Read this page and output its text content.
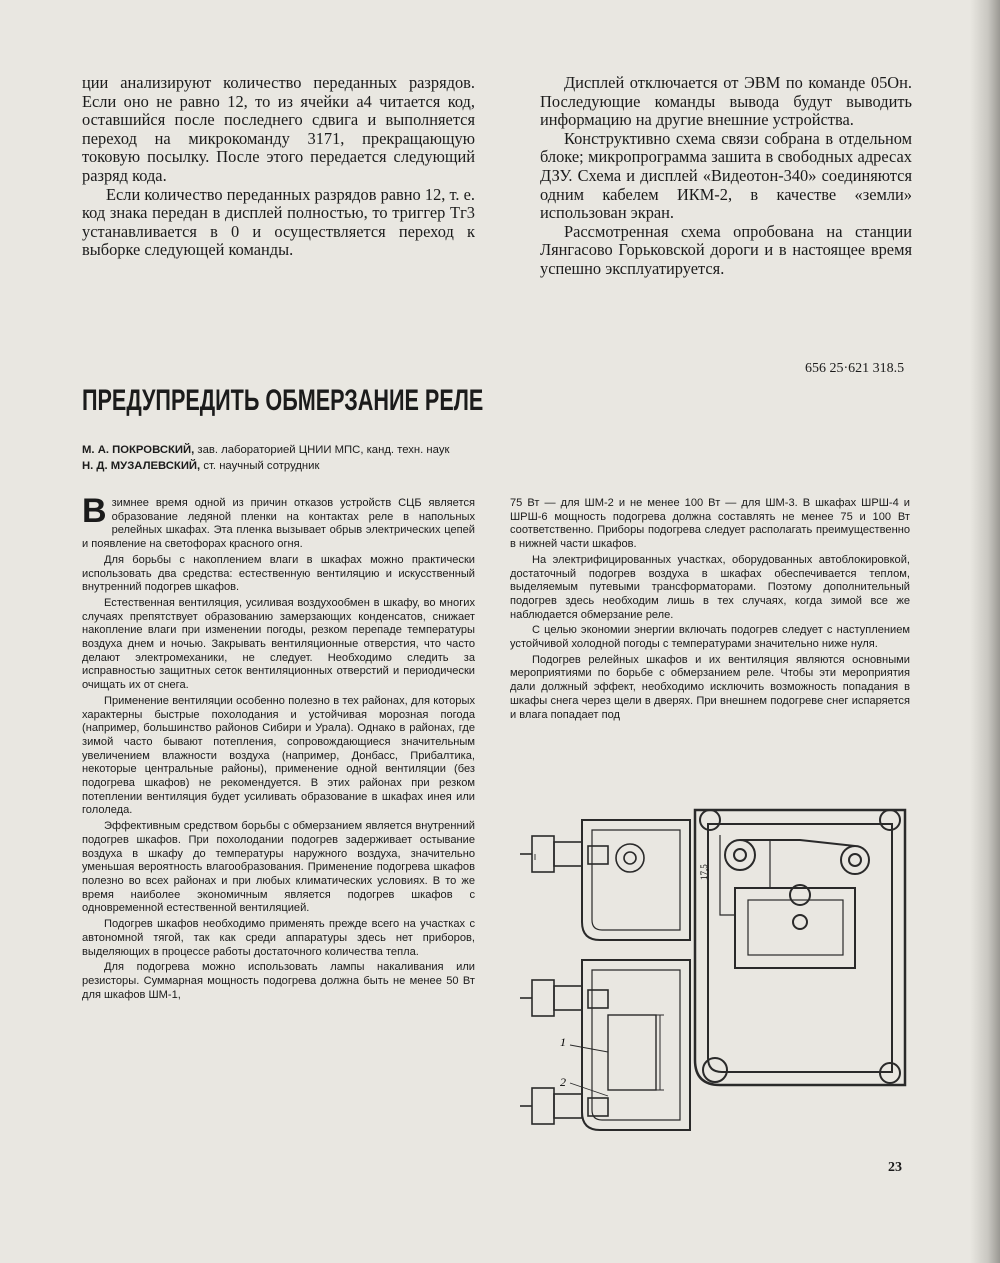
ции анализируют количество переданных разрядов. Если оно не равно 12, то из ячейки а4 читается код, оставшийся после последнего сдвига и выполняется переход на микрокоманду 3171, прекращающую токовую посылку. После этого передается следующий разряд кода.

Если количество переданных разрядов равно 12, т. е. код знака передан в дисплей полностью, то триггер Тг3 устанавливается в 0 и осуществляется переход к выборке следующей команды.

Дисплей отключается от ЭВМ по команде 05Он. Последующие команды вывода будут выводить информацию на другие внешние устройства.

Конструктивно схема связи собрана в отдельном блоке; микропрограмма зашита в свободных адресах ДЗУ. Схема и дисплей «Видеотон-340» соединяются одним кабелем ИКМ-2, в качестве «земли» использован экран.

Рассмотренная схема опробована на станции Лянгасово Горьковской дороги и в настоящее время успешно эксплуатируется.

656 25·621 318.5
ПРЕДУПРЕДИТЬ ОБМЕРЗАНИЕ РЕЛЕ
М. А. ПОКРОВСКИЙ, зав. лабораторией ЦНИИ МПС, канд. техн. наук
Н. Д. МУЗАЛЕВСКИЙ, ст. научный сотрудник

Взимнее время одной из причин отказов устройств СЦБ является образование ледяной пленки на контактах реле в напольных релейных шкафах. Эта пленка вызывает обрыв электрических цепей и появление на светофорах красного огня.

Для борьбы с накоплением влаги в шкафах можно практически использовать два средства: естественную вентиляцию и искусственный внутренний подогрев шкафов.

Естественная вентиляция, усиливая воздухообмен в шкафу, во многих случаях препятствует образованию замерзающих конденсатов, снижает накопление влаги при изменении погоды, резком перепаде температуры воздуха днем и ночью. Закрывать вентиляционные отверстия, что часто делают электромеханики, не следует. Необходимо следить за исправностью защитных сеток вентиляционных отверстий и периодически очищать их от снега.

Применение вентиляции особенно полезно в тех районах, для которых характерны быстрые похолодания и устойчивая морозная погода (например, большинство районов Сибири и Урала). Однако в районах, где зимой часто бывают потепления, сопровождающиеся значительным увеличением влажности воздуха (например, Донбасс, Прибалтика, некоторые центральные районы), применение одной вентиляции (без подогрева шкафов) не рекомендуется. В этих районах при резком потеплении вентиляция будет усиливать образование в шкафах инея или гололеда.

Эффективным средством борьбы с обмерзанием является внутренний подогрев шкафов. При похолодании подогрев задерживает остывание воздуха в шкафу до температуры наружного воздуха, значительно уменьшая вероятность влагообразования. Применение подогрева шкафов полезно во всех районах и при любых климатических условиях. В то же время наиболее экономичным является подогрев шкафов с одновременной естественной вентиляцией.

Подогрев шкафов необходимо применять прежде всего на участках с автономной тягой, так как среди аппаратуры здесь нет приборов, выделяющих в процессе работы достаточного количества тепла.

Для подогрева можно использовать лампы накаливания или резисторы. Суммарная мощность подогрева должна быть не менее 50 Вт для шкафов ШМ-1,

75 Вт — для ШМ-2 и не менее 100 Вт — для ШМ-3. В шкафах ШРШ-4 и ШРШ-6 мощность подогрева должна составлять не менее 75 и 100 Вт соответственно. Приборы подогрева следует располагать преимущественно в нижней части шкафов.

На электрифицированных участках, оборудованных автоблокировкой, достаточный подогрев воздуха в шкафах обеспечивается теплом, выделяемым путевыми трансформаторами. Поэтому дополнительный подогрев здесь необходим лишь в тех случаях, когда зимой все же наблюдается обмерзание реле.

С целью экономии энергии включать подогрев следует с наступлением устойчивой холодной погоды с температурами значительно ниже нуля.

Подогрев релейных шкафов и их вентиляция являются основными мероприятиями по борьбе с обмерзанием реле. Чтобы эти мероприятия дали должный эффект, необходимо исключить возможность попадания в шкафы снега через щели в дверях. При внешнем подогреве снег испаряется и влага попадает под

1
2
17,5
23
